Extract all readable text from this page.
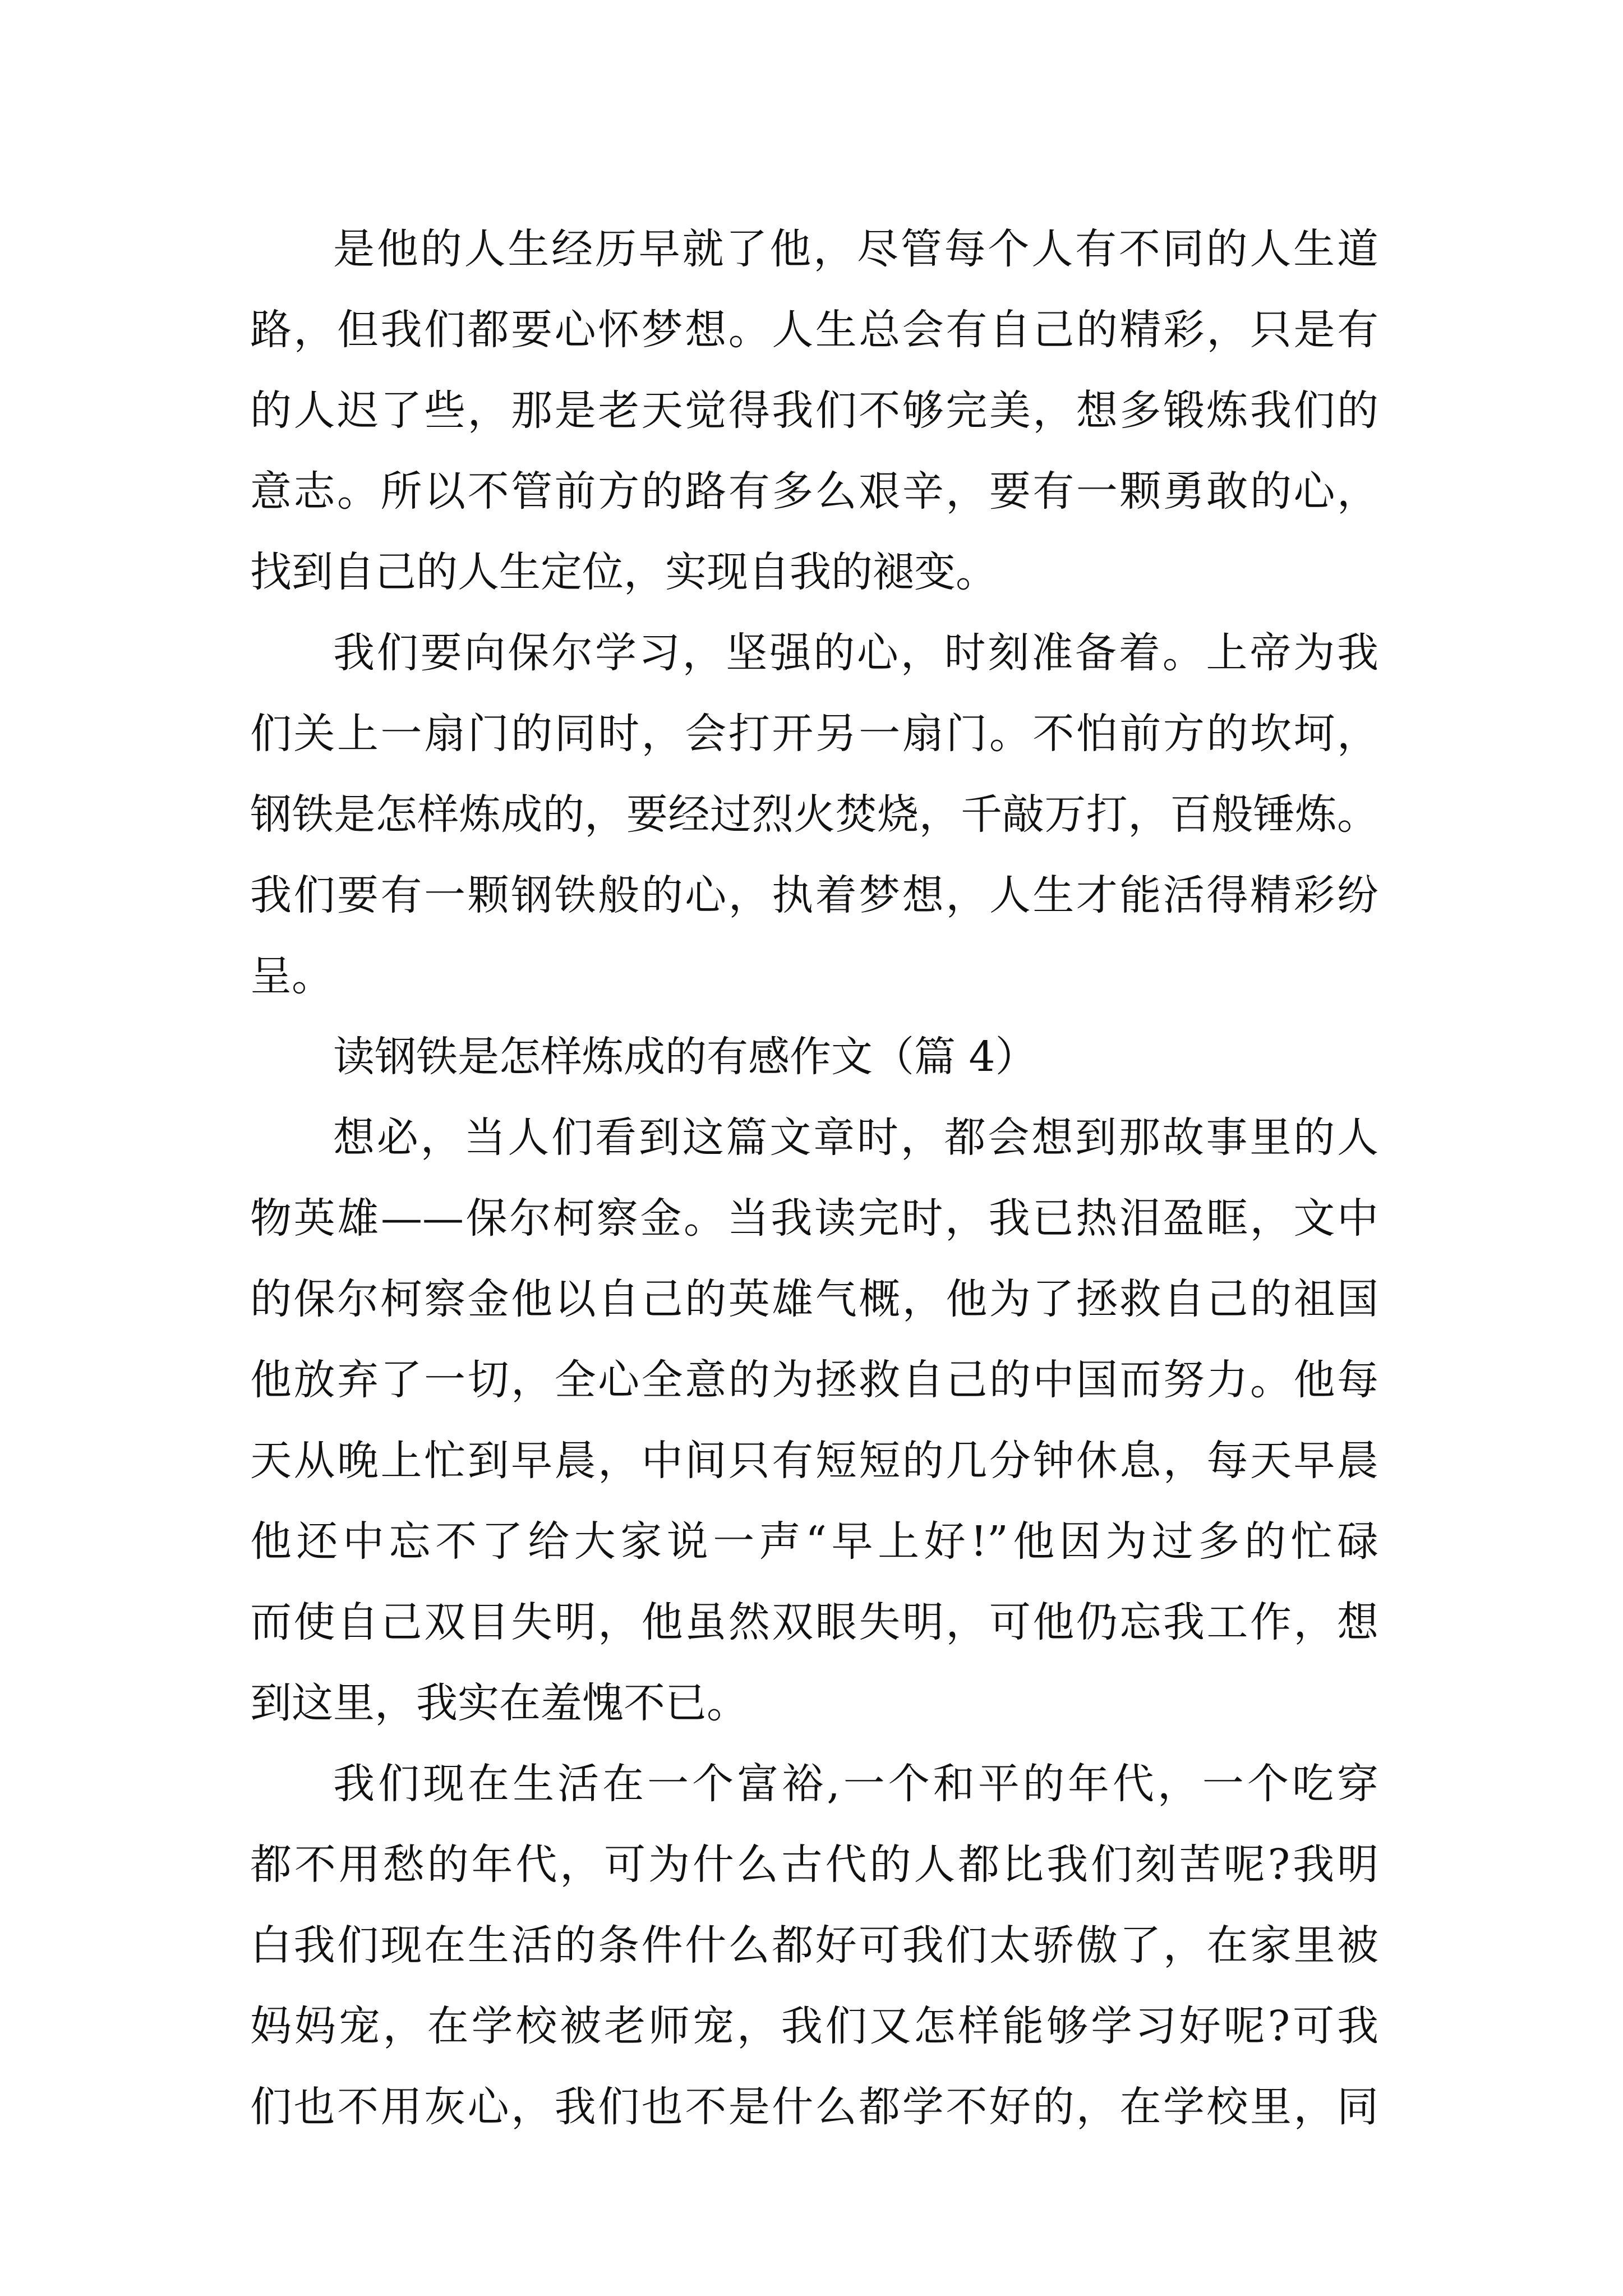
是他的人生经历早就了他，尽管每个人有不同的人生道
路，但我们都要心怀梦想。人生总会有自己的精彩，只是有
的人迟了些，那是老天觉得我们不够完美，想多锻炼我们的
意志。所以不管前方的路有多么艰辛，要有一颗勇敢的心，
找到自己的人生定位，实现自我的褪变。
我们要向保尔学习，坚强的心，时刻准备着。上帝为我
们关上一扇门的同时，会打开另一扇门。不怕前方的坎坷，
钢铁是怎样炼成的，要经过烈火焚烧，千敲万打，百般锤炼。
我们要有一颗钢铁般的心，执着梦想，人生才能活得精彩纷
呈。
读钢铁是怎样炼成的有感作文（篇 4）
想必，当人们看到这篇文章时，都会想到那故事里的人
物英雄——保尔柯察金。当我读完时，我已热泪盈眶，文中
的保尔柯察金他以自己的英雄气概，他为了拯救自己的祖国
他放弃了一切，全心全意的为拯救自己的中国而努力。他每
天从晚上忙到早晨，中间只有短短的几分钟休息，每天早晨
他还中忘不了给大家说一声“早上好!”他因为过多的忙碌
而使自己双目失明，他虽然双眼失明，可他仍忘我工作，想
到这里，我实在羞愧不已。
我们现在生活在一个富裕,一个和平的年代，一个吃穿
都不用愁的年代，可为什么古代的人都比我们刻苦呢?我明
白我们现在生活的条件什么都好可我们太骄傲了，在家里被
妈妈宠，在学校被老师宠，我们又怎样能够学习好呢?可我
们也不用灰心，我们也不是什么都学不好的，在学校里，同
